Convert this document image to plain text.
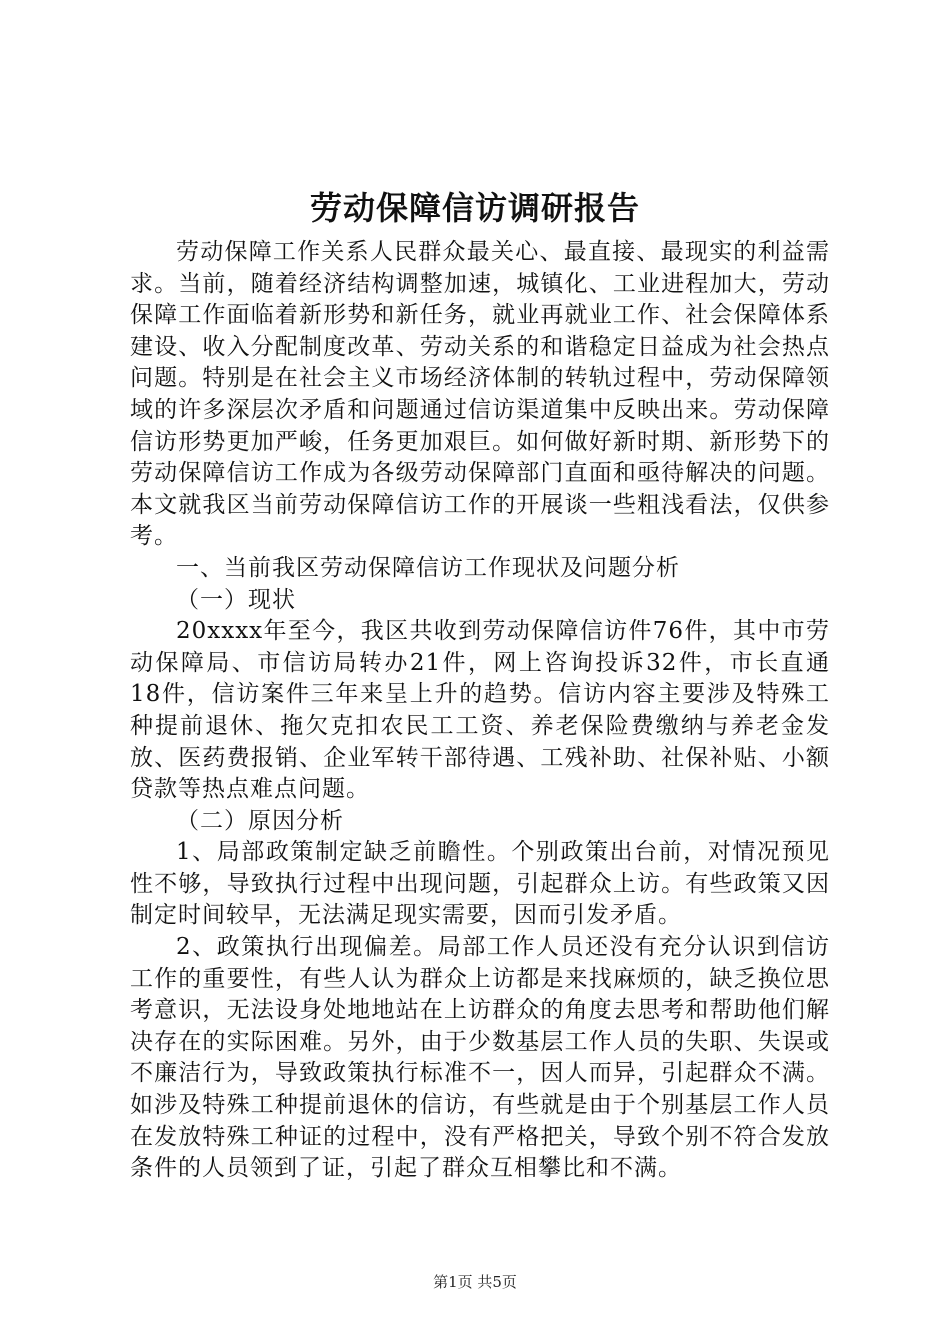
劳动保障信访调研报告

劳动保障工作关系人民群众最关心、最直接、最现实的利益需求。当前，随着经济结构调整加速，城镇化、工业进程加大，劳动保障工作面临着新形势和新任务，就业再就业工作、社会保障体系建设、收入分配制度改革、劳动关系的和谐稳定日益成为社会热点问题。特别是在社会主义市场经济体制的转轨过程中，劳动保障领域的许多深层次矛盾和问题通过信访渠道集中反映出来。劳动保障信访形势更加严峻，任务更加艰巨。如何做好新时期、新形势下的劳动保障信访工作成为各级劳动保障部门直面和亟待解决的问题。本文就我区当前劳动保障信访工作的开展谈一些粗浅看法，仅供参考。

一、当前我区劳动保障信访工作现状及问题分析

（一）现状

20xxxx年至今，我区共收到劳动保障信访件76件，其中市劳动保障局、市信访局转办21件，网上咨询投诉32件，市长直通　18件，信访案件三年来呈上升的趋势。信访内容主要涉及特殊工种提前退休、拖欠克扣农民工工资、养老保险费缴纳与养老金发放、医药费报销、企业军转干部待遇、工残补助、社保补贴、小额贷款等热点难点问题。

（二）原因分析

1、局部政策制定缺乏前瞻性。个别政策出台前，对情况预见性不够，导致执行过程中出现问题，引起群众上访。有些政策又因制定时间较早，无法满足现实需要，因而引发矛盾。

2、政策执行出现偏差。局部工作人员还没有充分认识到信访工作的重要性，有些人认为群众上访都是来找麻烦的，缺乏换位思考意识，无法设身处地地站在上访群众的角度去思考和帮助他们解决存在的实际困难。另外，由于少数基层工作人员的失职、失误或不廉洁行为，导致政策执行标准不一，因人而异，引起群众不满。如涉及特殊工种提前退休的信访，有些就是由于个别基层工作人员在发放特殊工种证的过程中，没有严格把关，导致个别不符合发放条件的人员领到了证，引起了群众互相攀比和不满。

第1页 共5页
